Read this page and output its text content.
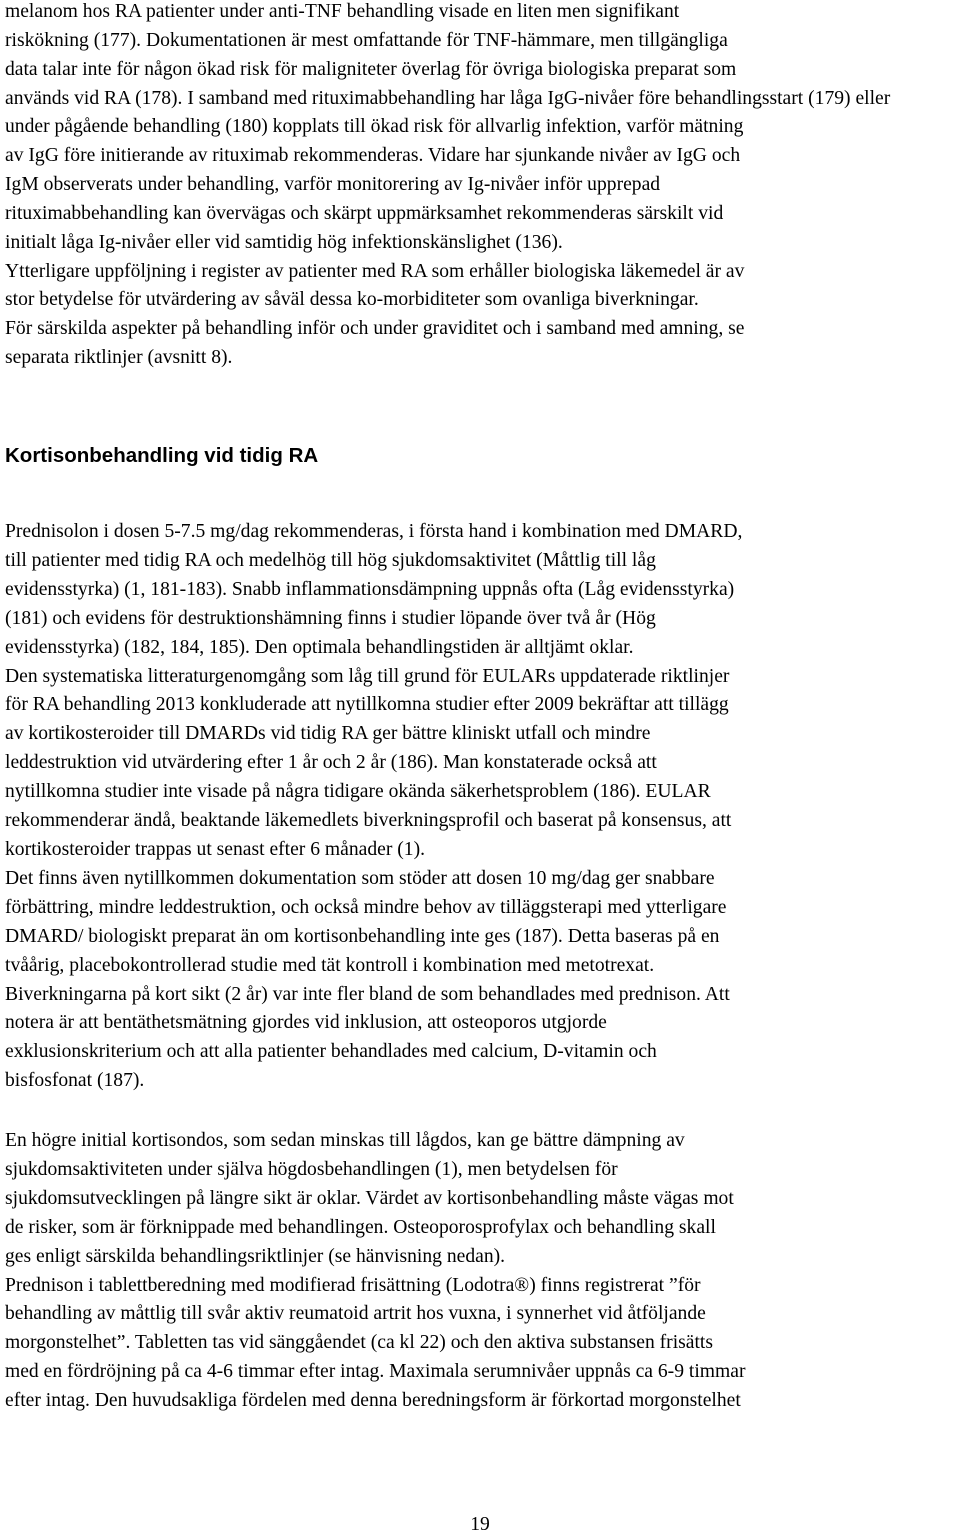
melanom hos RA patienter under anti-TNF behandling visade en liten men signifikant

riskökning (177). Dokumentationen är mest omfattande för TNF-hämmare, men tillgängliga

data talar inte för någon ökad risk för maligniteter överlag för övriga biologiska preparat som

används vid RA (178). I samband med rituximabbehandling har låga IgG-nivåer före behandlingsstart (179) eller

under pågående behandling (180) kopplats till ökad risk för allvarlig infektion, varför mätning

av IgG före initierande av rituximab rekommenderas. Vidare har sjunkande nivåer av IgG och

IgM observerats under behandling, varför monitorering av Ig-nivåer inför upprepad

rituximabbehandling kan övervägas och skärpt uppmärksamhet rekommenderas särskilt vid

initialt låga Ig-nivåer eller vid samtidig hög infektionskänslighet (136).

Ytterligare uppföljning i register av patienter med RA som erhåller biologiska läkemedel är av

stor betydelse för utvärdering av såväl dessa ko-morbiditeter som ovanliga biverkningar.

För särskilda aspekter på behandling inför och under graviditet och i samband med amning, se

separata riktlinjer (avsnitt 8).

Kortisonbehandling vid tidig RA

Prednisolon i dosen 5-7.5 mg/dag rekommenderas, i första hand i kombination med DMARD,

till patienter med tidig RA och medelhög till hög sjukdomsaktivitet (Måttlig till låg

evidensstyrka) (1, 181-183). Snabb inflammationsdämpning uppnås ofta (Låg evidensstyrka)

(181) och evidens för destruktionshämning finns i studier löpande över två år (Hög

evidensstyrka) (182, 184, 185). Den optimala behandlingstiden är alltjämt oklar.

Den systematiska litteraturgenomgång som låg till grund för EULARs uppdaterade riktlinjer

för RA behandling 2013 konkluderade att nytillkomna studier efter 2009 bekräftar att tillägg

av kortikosteroider till DMARDs vid tidig RA ger bättre kliniskt utfall och mindre

leddestruktion vid utvärdering efter 1 år och 2 år (186). Man konstaterade också att

nytillkomna studier inte visade på några tidigare okända säkerhetsproblem (186). EULAR

rekommenderar ändå, beaktande läkemedlets biverkningsprofil och baserat på konsensus, att

kortikosteroider trappas ut senast efter 6 månader (1).

Det finns även nytillkommen dokumentation som stöder att dosen 10 mg/dag ger snabbare

förbättring, mindre leddestruktion, och också mindre behov av tilläggsterapi med ytterligare

DMARD/ biologiskt preparat än om kortisonbehandling inte ges (187). Detta baseras på en

tvåårig, placebokontrollerad studie med tät kontroll i kombination med metotrexat.

Biverkningarna på kort sikt (2 år) var inte fler bland de som behandlades med prednison. Att

notera är att bentäthetsmätning gjordes vid inklusion, att osteoporos utgjorde

exklusionskriterium och att alla patienter behandlades med calcium, D-vitamin och

bisfosfonat (187).

En högre initial kortisondos, som sedan minskas till lågdos, kan ge bättre dämpning av

sjukdomsaktiviteten under själva högdosbehandlingen (1), men betydelsen för

sjukdomsutvecklingen på längre sikt är oklar. Värdet av kortisonbehandling måste vägas mot

de risker, som är förknippade med behandlingen. Osteoporosprofylax och behandling skall

ges enligt särskilda behandlingsriktlinjer (se hänvisning nedan).

Prednison i tablettberedning med modifierad frisättning (Lodotra®) finns registrerat ”för

behandling av måttlig till svår aktiv reumatoid artrit hos vuxna, i synnerhet vid åtföljande

morgonstelhet”. Tabletten tas vid sänggåendet (ca kl 22) och den aktiva substansen frisätts

med en fördröjning på ca 4-6 timmar efter intag. Maximala serumnivåer uppnås ca 6-9 timmar

efter intag. Den huvudsakliga fördelen med denna beredningsform är förkortad morgonstelhet

19
